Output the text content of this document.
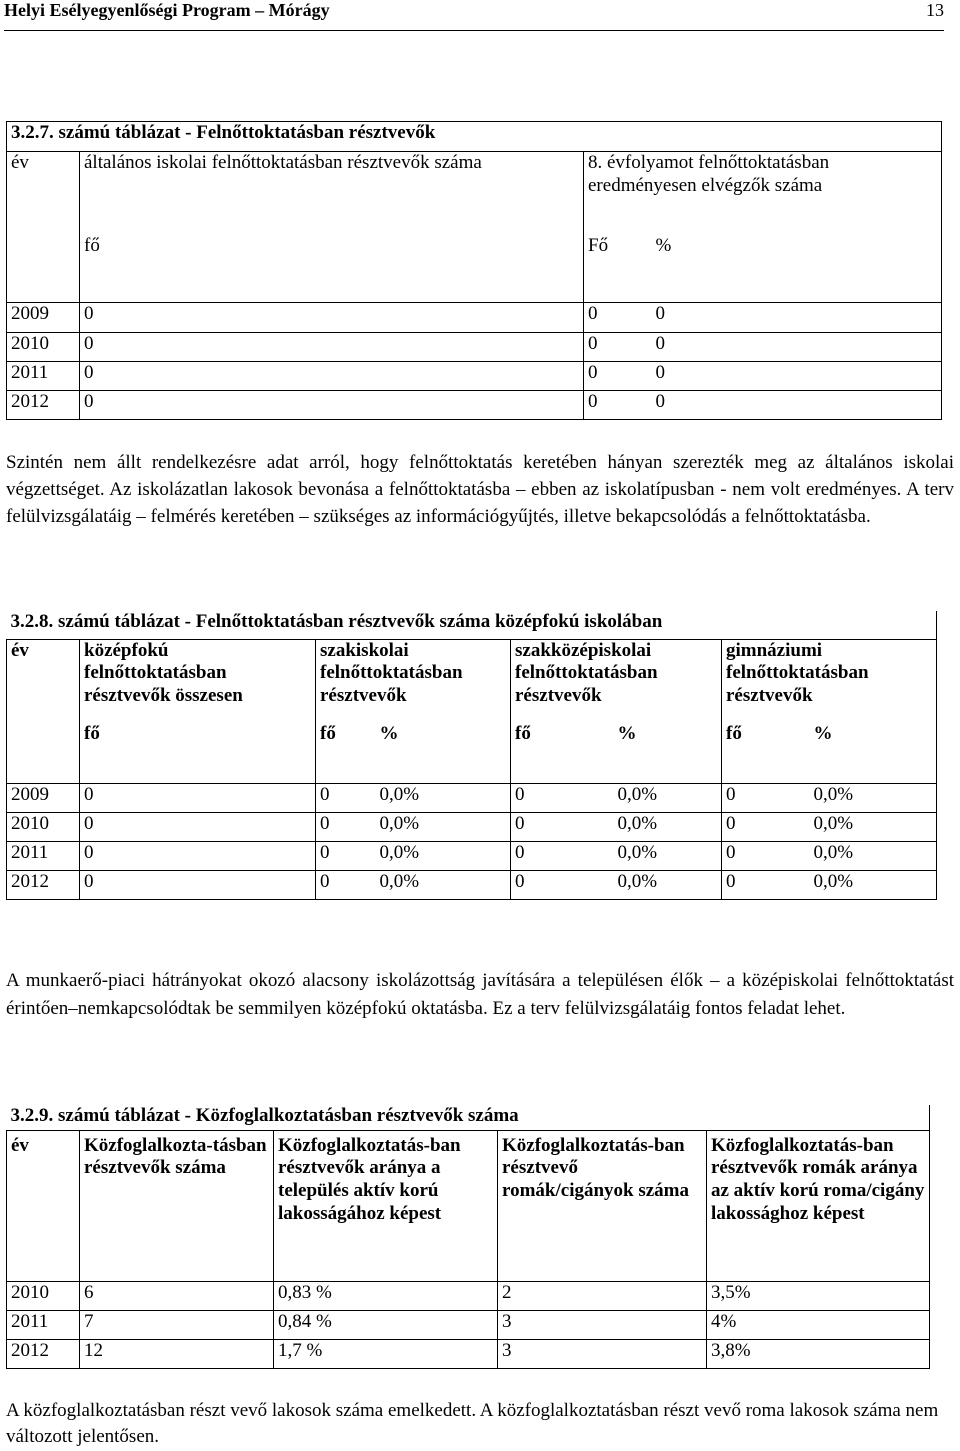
Helyi Esélyegyenlőségi Program – Mórágy	13
3.2.7. számú táblázat - Felnőttoktatásban résztvevők			
év	általános iskolai felnőttoktatásban résztvevők száma	8. évfolyamot felnőttoktatásban eredményesen elvégzők száma	
	fő	Fő	%
2009	0	0	0
2010	0	0	0
2011	0	0	0
2012	0	0	0

Szintén nem állt rendelkezésre adat arról, hogy felnőttoktatás keretében hányan szerezték meg az általános iskolai végzettséget. Az iskolázatlan lakosok bevonása a felnőttoktatásba – ebben az iskolatípusban - nem volt eredményes. A terv felülvizsgálatáig – felmérés keretében – szükséges az információgyűjtés, illetve bekapcsolódás a felnőttoktatásba.

3.2.8. számú táblázat - Felnőttoktatásban résztvevők száma középfokú iskolában							
év	középfokú felnőttoktatásban résztvevők összesen	szakiskolai felnőttoktatásban résztvevők		szakközépiskolai felnőttoktatásban résztvevők		gimnáziumi felnőttoktatásban résztvevők	
	fő	fő	%	fő	%	fő	%
2009	0	0	0,0%	0	0,0%	0	0,0%
2010	0	0	0,0%	0	0,0%	0	0,0%
2011	0	0	0,0%	0	0,0%	0	0,0%
2012	0	0	0,0%	0	0,0%	0	0,0%

A munkaerő-piaci hátrányokat okozó alacsony iskolázottság javítására a településen élők – a középiskolai felnőttoktatást érintően–nemkapcsolódtak be semmilyen középfokú oktatásba. Ez a terv felülvizsgálatáig fontos feladat lehet.

3.2.9. számú táblázat - Közfoglalkoztatásban résztvevők száma				
év	Közfoglalkozta-tásban résztvevők száma	Közfoglalkoztatás-ban résztvevők aránya a település aktív korú lakosságához képest	Közfoglalkoztatás-ban résztvevő romák/cigányok száma	Közfoglalkoztatás-ban résztvevők romák aránya az aktív korú roma/cigány lakossághoz képest
2010	6	0,83 %	2	3,5%
2011	7	0,84 %	3	4%
2012	12	1,7 %	3	3,8%

A közfoglalkoztatásban részt vevő lakosok száma emelkedett. A közfoglalkoztatásban részt vevő roma lakosok száma nem változott jelentősen.
